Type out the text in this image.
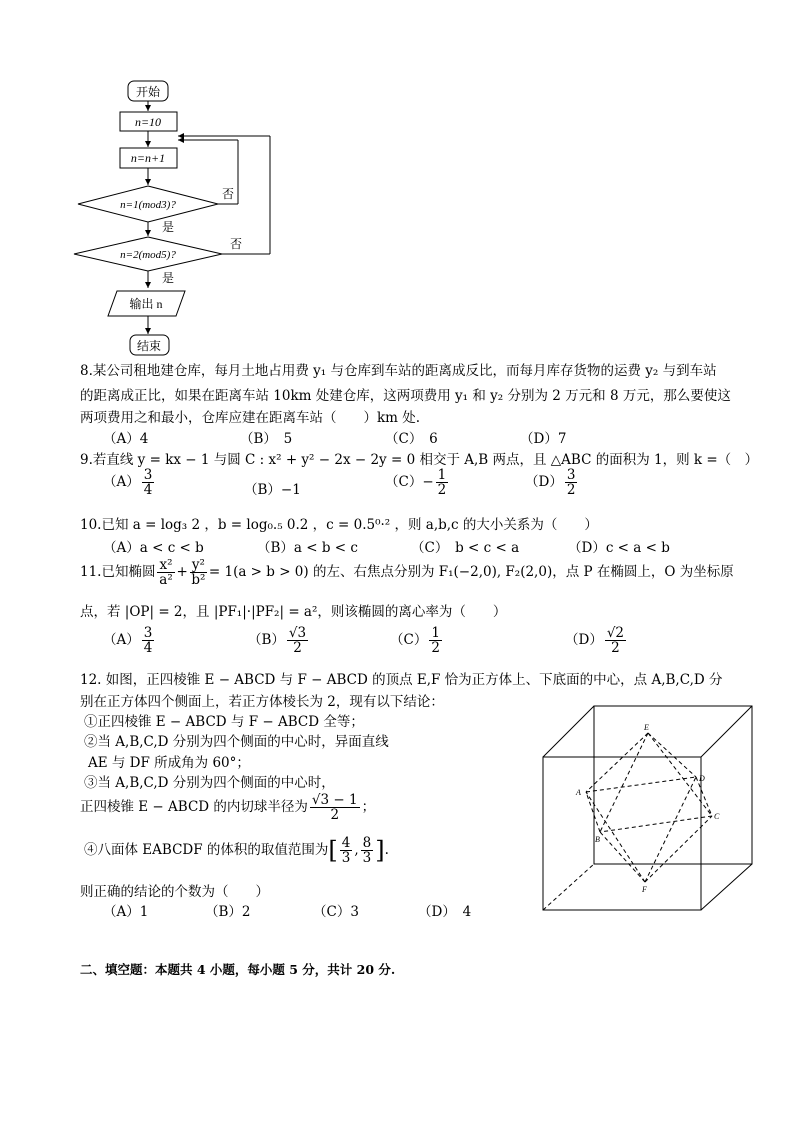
开始
n=10
n=n+1
n=1(mod3)?
否
是
n=2(mod5)?
否
是
输出 n
结束
8.某公司租地建仓库，每月土地占用费 y₁ 与仓库到车站的距离成反比，而每月库存货物的运费 y₂ 与到车站
的距离成正比，如果在距离车站 10km 处建仓库，这两项费用 y₁ 和 y₂ 分别为 2 万元和 8 万元，那么要使这
两项费用之和最小，仓库应建在距离车站（　　）km 处.
（A）4	（B）　5	（C）　6	（D）7
9.若直线 y = kx − 1 与圆 C : x² + y² − 2x − 2y = 0 相交于 A,B 两点，且 △ABC 的面积为 1，则 k =（　）
$(A) \frac{3}{4}$	（B）−1	$(C)- \frac{1}{2}$	$(D) \frac{3}{2}$
10.已知 a = log₃ 2 ，b = log₀.₅ 0.2 ，c = 0.5⁰·² ，则 a,b,c 的大小关系为（　　）
（A）a < c < b	（B）a < b < c	（C）　b < c < a	（D）c < a < b
11.已知椭圆 $\frac{\text{x²}}{\text{a²}} + \frac{\text{y²}}{\text{b²}} = 1(a > b > 0)$ 的左、右焦点分别为 F₁(−2,0), F₂(2,0)，点 P 在椭圆上，O 为坐标原
点，若 |OP| = 2，且 |PF₁|·|PF₂| = a²，则该椭圆的离心率为（　　）
$(A) \frac{3}{4}$	$(B) \frac{√3}{2}$	$(C) \frac{1}{2}$	$(D) \frac{√2}{2}$
12. 如图，正四棱锥 E − ABCD 与 F − ABCD 的顶点 E,F 恰为正方体上、下底面的中心，点 A,B,C,D 分
别在正方体四个侧面上，若正方体棱长为 2，现有以下结论：
①正四棱锥 E − ABCD 与 F − ABCD 全等；
②当 A,B,C,D 分别为四个侧面的中心时，异面直线
AE 与 DF 所成角为 60°；
③当 A,B,C,D 分别为四个侧面的中心时，
正四棱锥 E − ABCD 的内切球半径为 $\frac{√3 - 1}{2}$ ；
④八面体 EABCDF 的体积的取值范围为[ $\frac{4}{3}$ , $\frac{8}{3}$ ].
则正确的结论的个数为（　　）
（A）1	（B）2	（C）3	（D）　4
E
A
D
B
C
F
二、填空题：本题共 4 小题，每小题 5 分，共计 20 分.
